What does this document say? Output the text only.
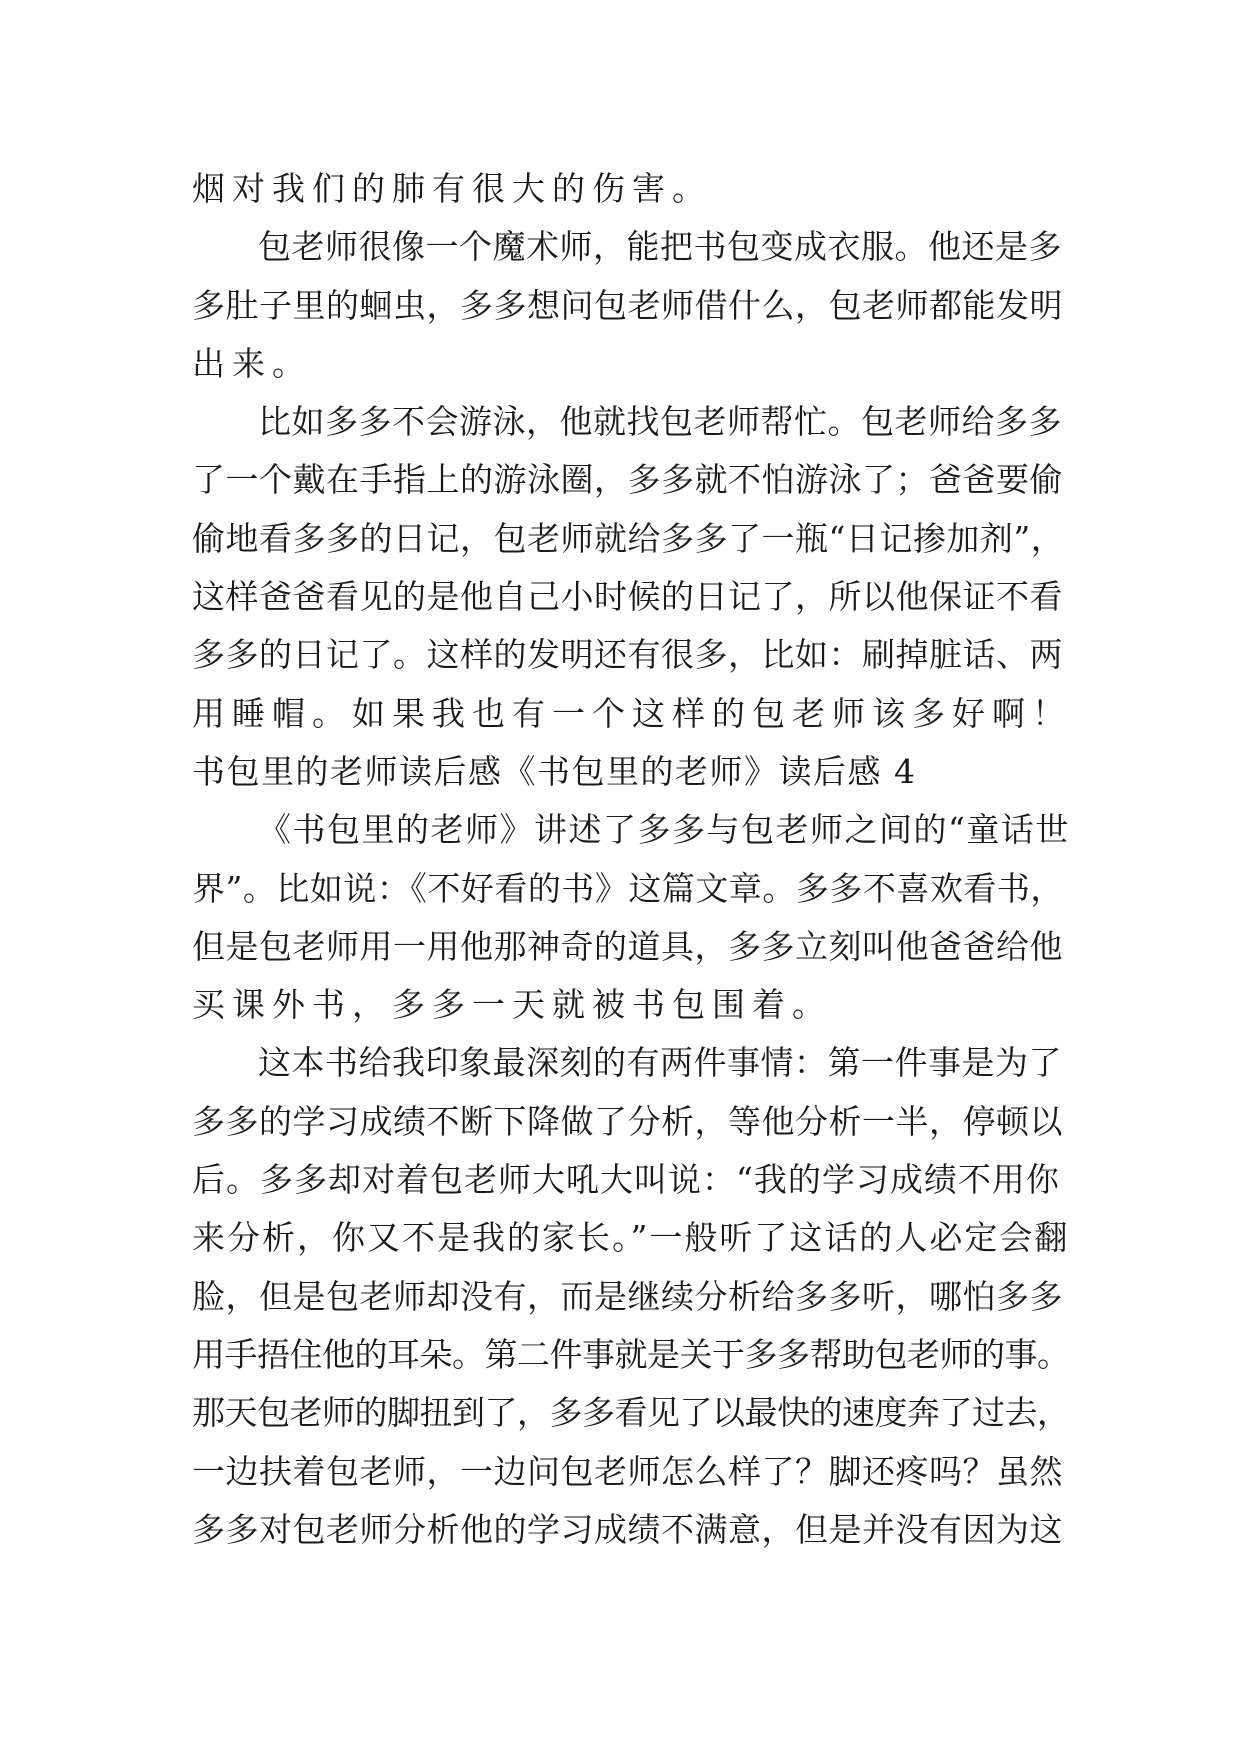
烟对我们的肺有很大的伤害。
包老师很像一个魔术师，能把书包变成衣服。他还是多
多肚子里的蛔虫，多多想问包老师借什么，包老师都能发明
出来。
比如多多不会游泳，他就找包老师帮忙。包老师给多多
了一个戴在手指上的游泳圈，多多就不怕游泳了；爸爸要偷
偷地看多多的日记，包老师就给多多了一瓶“日记掺加剂”，
这样爸爸看见的是他自己小时候的日记了，所以他保证不看
多多的日记了。这样的发明还有很多，比如：刷掉脏话、两
用睡帽。如果我也有一个这样的包老师该多好啊！
书包里的老师读后感《书包里的老师》读后感 4
《书包里的老师》讲述了多多与包老师之间的“童话世
界”。比如说：《不好看的书》这篇文章。多多不喜欢看书，
但是包老师用一用他那神奇的道具，多多立刻叫他爸爸给他
买课外书，多多一天就被书包围着。
这本书给我印象最深刻的有两件事情：第一件事是为了
多多的学习成绩不断下降做了分析，等他分析一半，停顿以
后。多多却对着包老师大吼大叫说：“我的学习成绩不用你
来分析，你又不是我的家长。”一般听了这话的人必定会翻
脸，但是包老师却没有，而是继续分析给多多听，哪怕多多
用手捂住他的耳朵。第二件事就是关于多多帮助包老师的事。
那天包老师的脚扭到了，多多看见了以最快的速度奔了过去，
一边扶着包老师，一边问包老师怎么样了？脚还疼吗？虽然
多多对包老师分析他的学习成绩不满意，但是并没有因为这
